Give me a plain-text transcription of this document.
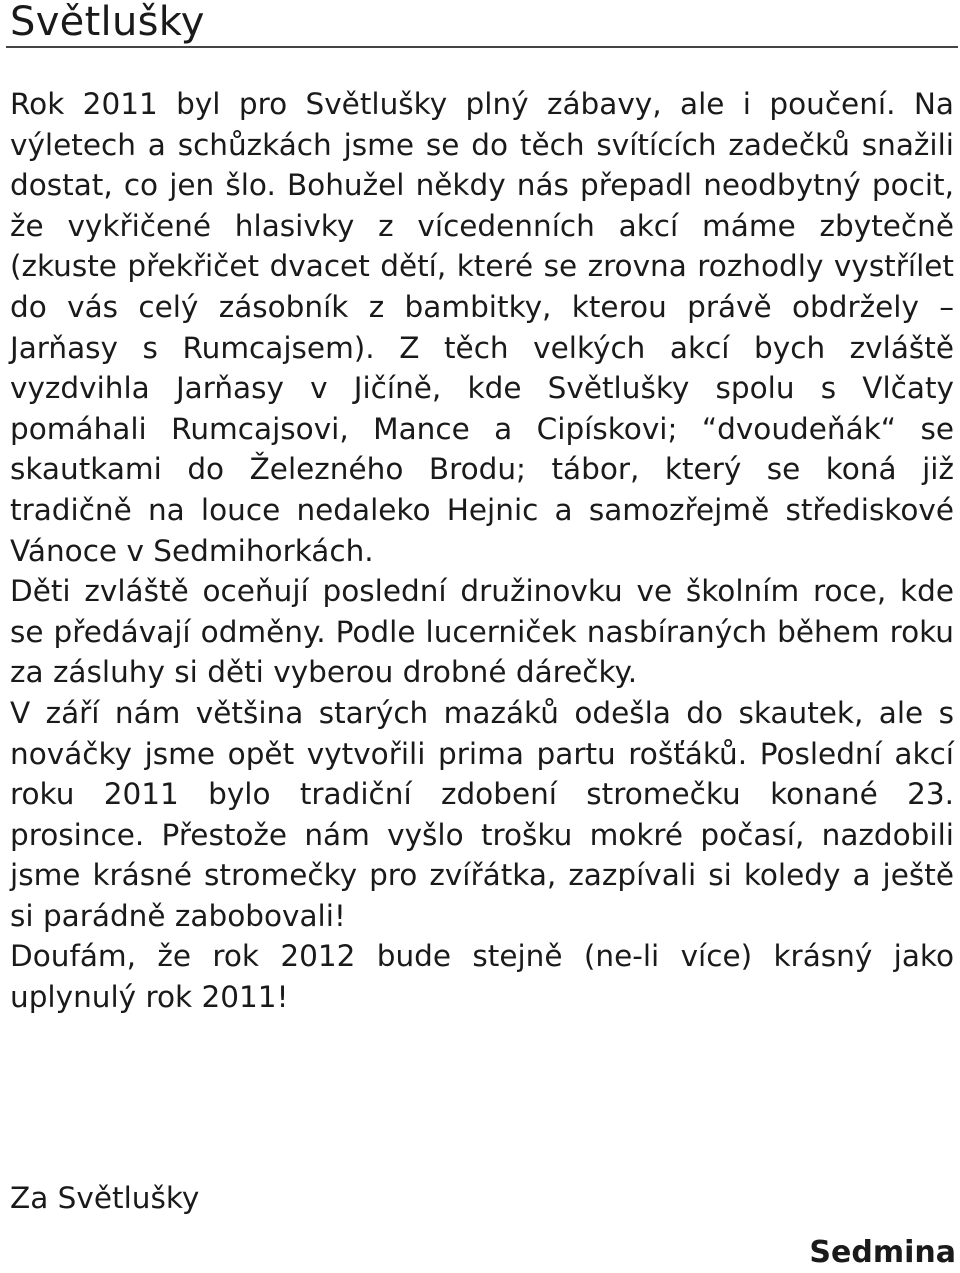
Světlušky

Rok 2011 byl pro Světlušky plný zábavy, ale i poučení. Na výletech a schůzkách jsme se do těch svítících zadečků snažili dostat, co jen šlo. Bohužel někdy nás přepadl neodbytný pocit, že vykřičené hlasivky z vícedenních akcí máme zbytečně (zkuste překřičet dvacet dětí, které se zrovna rozhodly vystřílet do vás celý zásobník z bambitky, kterou právě obdržely – Jarňasy s Rumcajsem). Z těch velkých akcí bych zvláště vyzdvihla Jarňasy v Jičíně, kde Světlušky spolu s Vlčaty pomáhali Rumcajsovi, Mance a Cipískovi; “dvoudeňák“ se skautkami do Železného Brodu; tábor, který se koná již tradičně na louce nedaleko Hejnic a samozřejmě střediskové Vánoce v Sedmihorkách.

Děti zvláště oceňují poslední družinovku ve školním roce, kde se předávají odměny. Podle lucerniček nasbíraných během roku za zásluhy si děti vyberou drobné dárečky.

V září nám většina starých mazáků odešla do skautek, ale s nováčky jsme opět vytvořili prima partu rošťáků. Poslední akcí roku 2011 bylo tradiční zdobení stromečku konané 23. prosince. Přestože nám vyšlo trošku mokré počasí, nazdobili jsme krásné stromečky pro zvířátka, zazpívali si koledy a ještě si parádně zabobovali!

Doufám, že rok 2012 bude stejně (ne-li více) krásný jako uplynulý rok 2011!

Za Světlušky

Sedmina
